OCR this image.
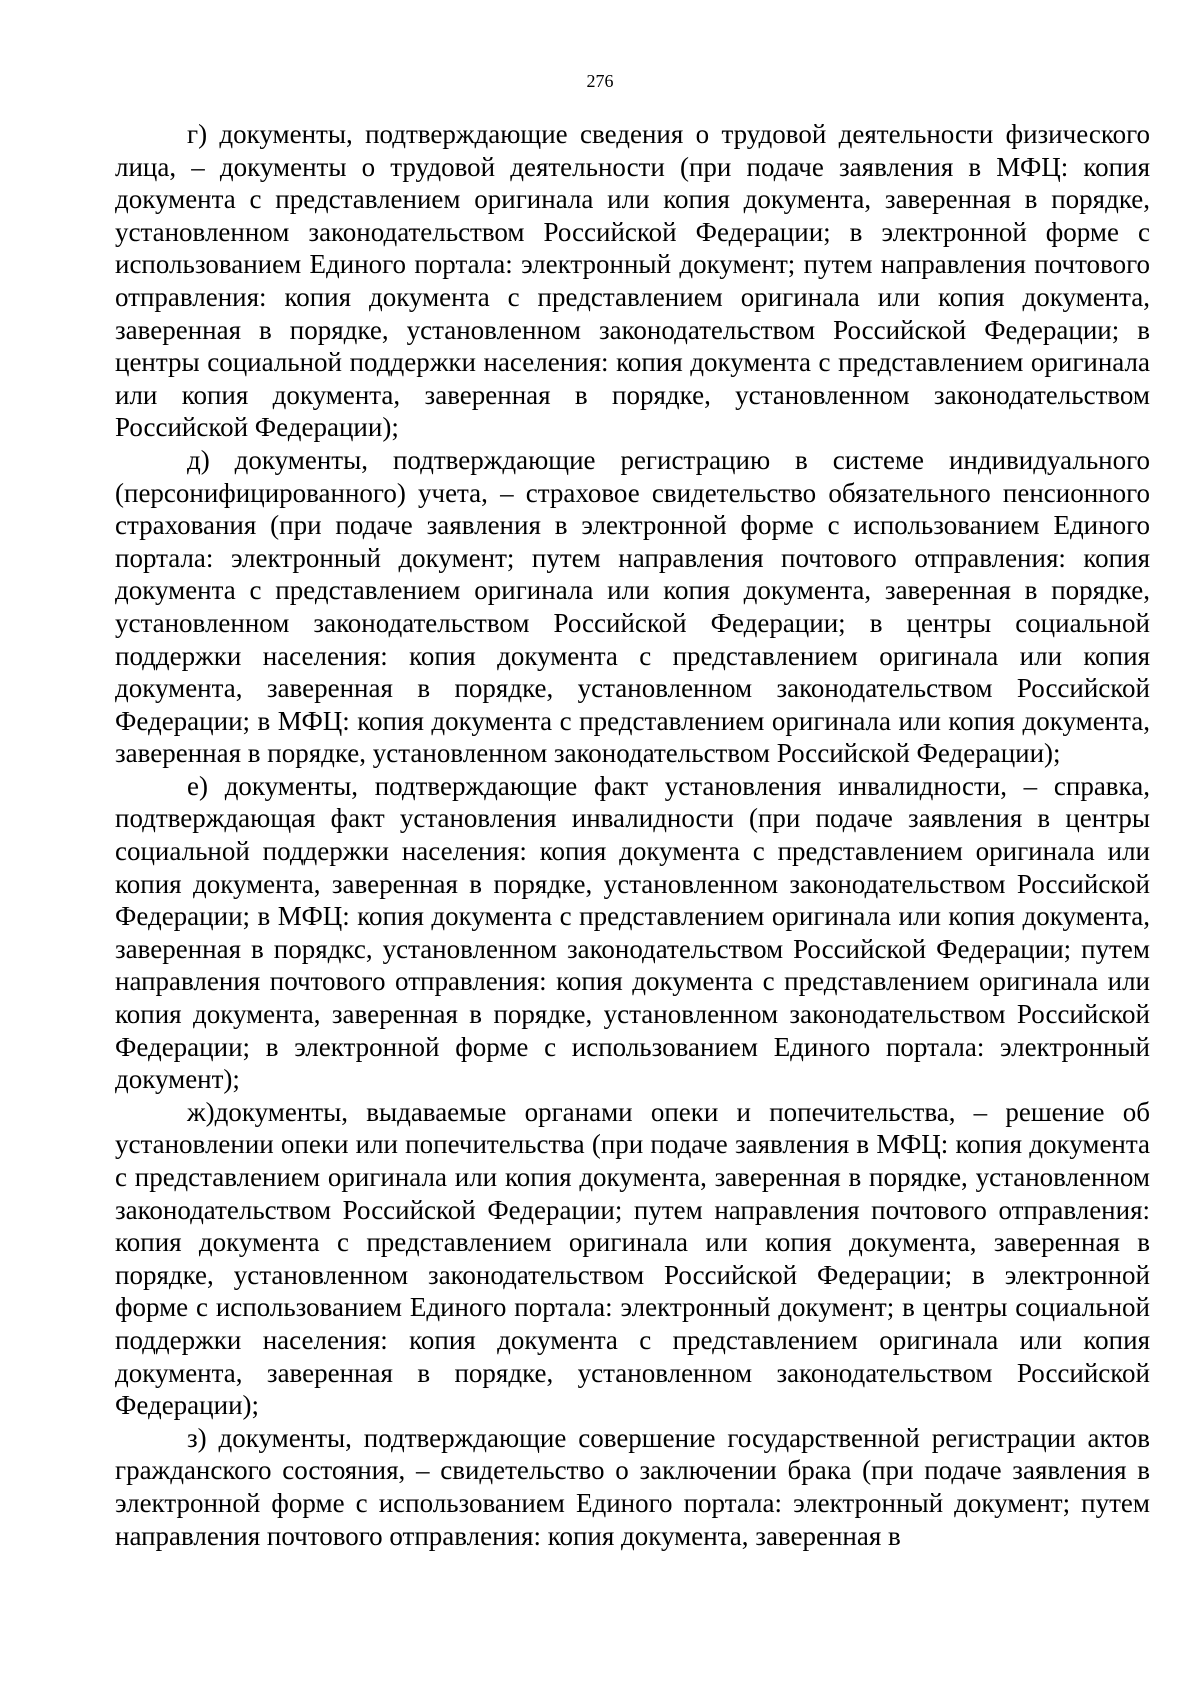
276

г) документы, подтверждающие сведения о трудовой деятельности физического лица, – документы о трудовой деятельности (при подаче заявления в МФЦ: копия документа с представлением оригинала или копия документа, заверенная в порядке, установленном законодательством Российской Федерации; в электронной форме с использованием Единого портала: электронный документ; путем направления почтового отправления: копия документа с представлением оригинала или копия документа, заверенная в порядке, установленном законодательством Российской Федерации; в центры социальной поддержки населения: копия документа с представлением оригинала или копия документа, заверенная в порядке, установленном законодательством Российской Федерации);

д) документы, подтверждающие регистрацию в системе индивидуального (персонифицированного) учета, – страховое свидетельство обязательного пенсионного страхования (при подаче заявления в электронной форме с использованием Единого портала: электронный документ; путем направления почтового отправления: копия документа с представлением оригинала или копия документа, заверенная в порядке, установленном законодательством Российской Федерации; в центры социальной поддержки населения: копия документа с представлением оригинала или копия документа, заверенная в порядке, установленном законодательством Российской Федерации; в МФЦ: копия документа с представлением оригинала или копия документа, заверенная в порядке, установленном законодательством Российской Федерации);

е) документы, подтверждающие факт установления инвалидности, – справка, подтверждающая факт установления инвалидности (при подаче заявления в центры социальной поддержки населения: копия документа с представлением оригинала или копия документа, заверенная в порядке, установленном законодательством Российской Федерации; в МФЦ: копия документа с представлением оригинала или копия документа, заверенная в порядкс, установленном законодательством Российской Федерации; путем направления почтового отправления: копия документа с представлением оригинала или копия документа, заверенная в порядке, установленном законодательством Российской Федерации; в электронной форме с использованием Единого портала: электронный документ);

ж)документы, выдаваемые органами опеки и попечительства, – решение об установлении опеки или попечительства (при подаче заявления в МФЦ: копия документа с представлением оригинала или копия документа, заверенная в порядке, установленном законодательством Российской Федерации; путем направления почтового отправления: копия документа с представлением оригинала или копия документа, заверенная в порядке, установленном законодательством Российской Федерации; в электронной форме с использованием Единого портала: электронный документ; в центры социальной поддержки населения: копия документа с представлением оригинала или копия документа, заверенная в порядке, установленном законодательством Российской Федерации);

з) документы, подтверждающие совершение государственной регистрации актов гражданского состояния, – свидетельство о заключении брака (при подаче заявления в электронной форме с использованием Единого портала: электронный документ; путем направления почтового отправления: копия документа, заверенная в
